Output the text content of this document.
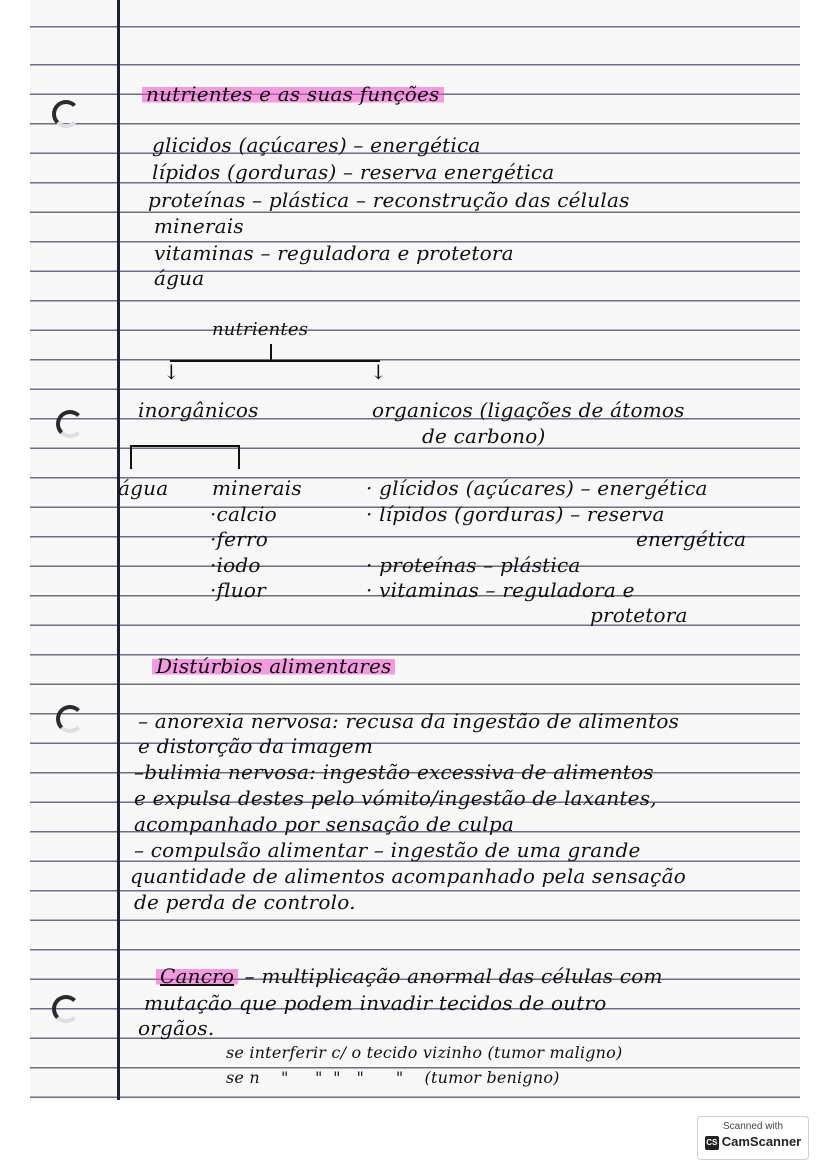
nutrientes e as suas funções
glicidos (açúcares) – energética
lípidos (gorduras) – reserva energética
proteínas – plástica – reconstrução das células
minerais
vitaminas – reguladora e protetora
água
nutrientes
↓	↓
inorgânicos	organicos (ligações de átomos
de carbono)
água minerais
·calcio
·ferro
·iodo
·fluor
· glícidos (açúcares) – energética
· lípidos (gorduras) – reserva
energética
· proteínas – plástica
· vitaminas – reguladora e
protetora
Distúrbios alimentares
– anorexia nervosa: recusa da ingestão de alimentos
e distorção da imagem
–bulimia nervosa: ingestão excessiva de alimentos
e expulsa destes pelo vómito/ingestão de laxantes,
acompanhado por sensação de culpa
– compulsão alimentar – ingestão de uma grande
quantidade de alimentos acompanhado pela sensação
de perda de controlo.
Cancro – multiplicação anormal das células com
mutação que podem invadir tecidos de outro
orgãos.
se interferir c/ o tecido vizinho (tumor maligno)
se n    "     "  "   "      "    (tumor benigno)
Scanned with
CS CamScanner
